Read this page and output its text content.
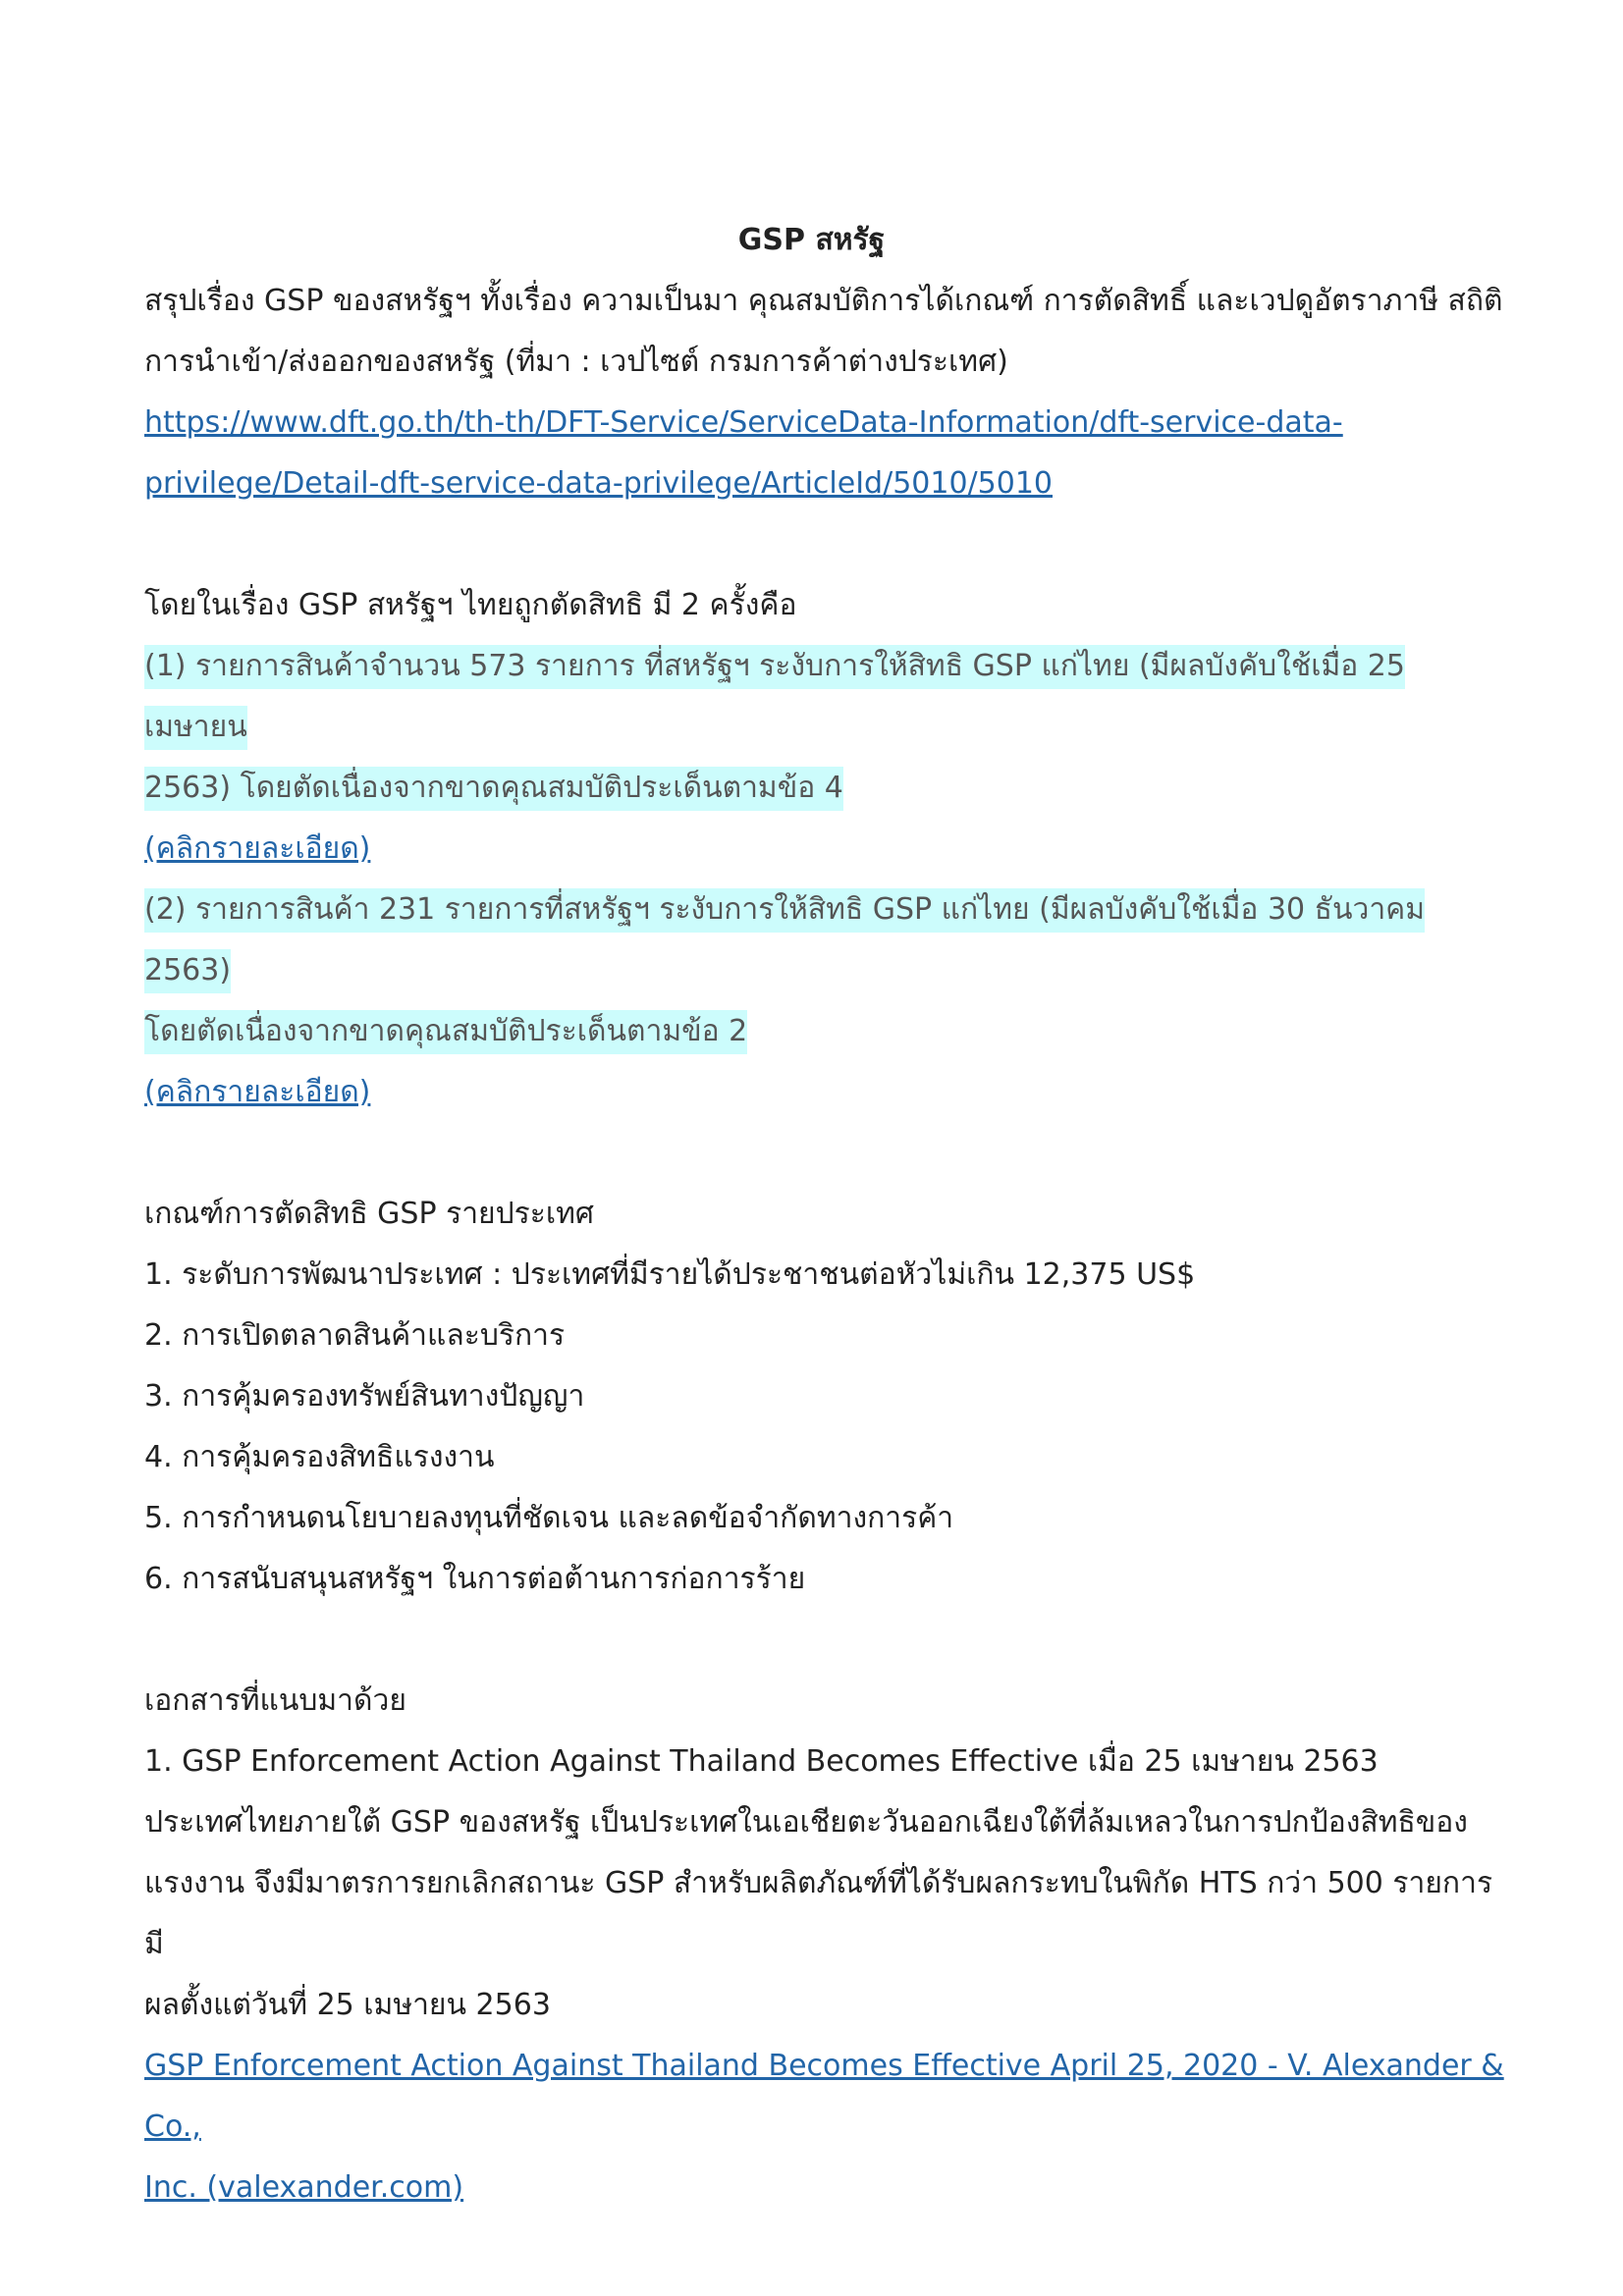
GSP สหรัฐ
สรุปเรื่อง GSP ของสหรัฐฯ ทั้งเรื่อง ความเป็นมา คุณสมบัติการได้เกณฑ์ การตัดสิทธิ์ และเวปดูอัตราภาษี สถิติ
การนำเข้า/ส่งออกของสหรัฐ (ที่มา : เวปไซต์ กรมการค้าต่างประเทศ)
https://www.dft.go.th/th-th/DFT-Service/ServiceData-Information/dft-service-data-
privilege/Detail-dft-service-data-privilege/ArticleId/5010/5010
โดยในเรื่อง GSP สหรัฐฯ ไทยถูกตัดสิทธิ มี 2 ครั้งคือ
(1) รายการสินค้าจำนวน 573 รายการ ที่สหรัฐฯ ระงับการให้สิทธิ GSP แก่ไทย (มีผลบังคับใช้เมื่อ 25 เมษายน
2563) โดยตัดเนื่องจากขาดคุณสมบัติประเด็นตามข้อ 4
(คลิกรายละเอียด)
(2) รายการสินค้า 231 รายการที่สหรัฐฯ ระงับการให้สิทธิ GSP แก่ไทย (มีผลบังคับใช้เมื่อ 30 ธันวาคม 2563)
โดยตัดเนื่องจากขาดคุณสมบัติประเด็นตามข้อ 2
(คลิกรายละเอียด)
เกณฑ์การตัดสิทธิ GSP รายประเทศ
1. ระดับการพัฒนาประเทศ : ประเทศที่มีรายได้ประชาชนต่อหัวไม่เกิน 12,375 US$
2. การเปิดตลาดสินค้าและบริการ
3. การคุ้มครองทรัพย์สินทางปัญญา
4. การคุ้มครองสิทธิแรงงาน
5. การกำหนดนโยบายลงทุนที่ชัดเจน และลดข้อจำกัดทางการค้า
6. การสนับสนุนสหรัฐฯ ในการต่อต้านการก่อการร้าย
เอกสารที่แนบมาด้วย
1. GSP Enforcement Action Against Thailand Becomes Effective เมื่อ 25 เมษายน 2563
ประเทศไทยภายใต้ GSP ของสหรัฐ เป็นประเทศในเอเชียตะวันออกเฉียงใต้ที่ล้มเหลวในการปกป้องสิทธิของ
แรงงาน จึงมีมาตรการยกเลิกสถานะ GSP สำหรับผลิตภัณฑ์ที่ได้รับผลกระทบในพิกัด HTS กว่า 500 รายการ มี
ผลตั้งแต่วันที่ 25 เมษายน 2563
GSP Enforcement Action Against Thailand Becomes Effective April 25, 2020 - V. Alexander & Co.,
Inc. (valexander.com)
